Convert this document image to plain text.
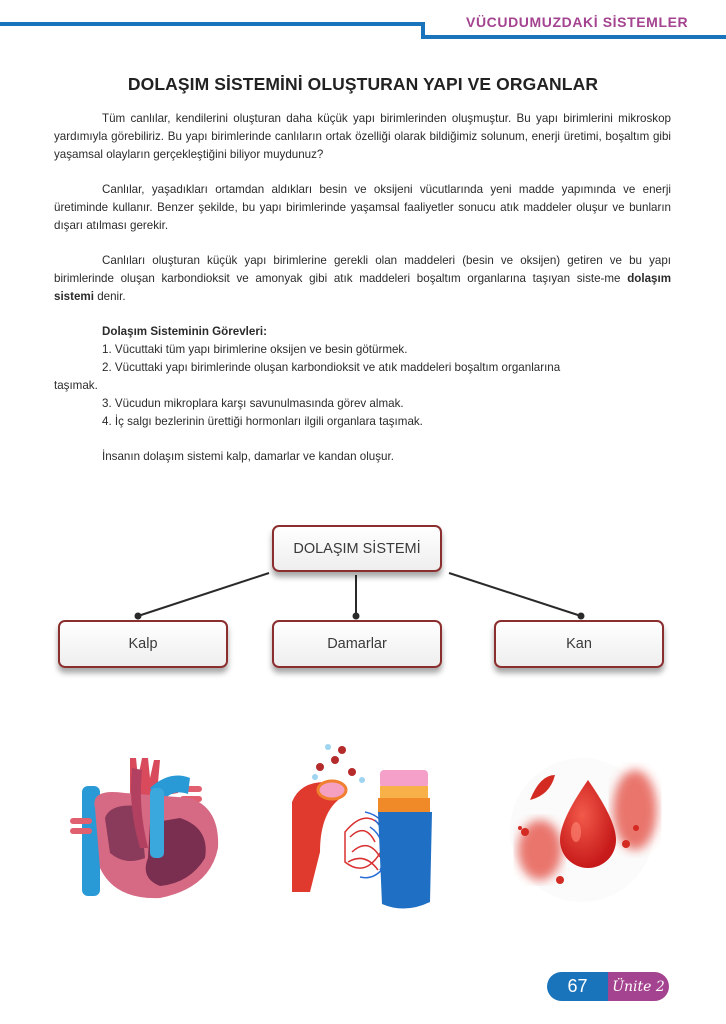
VÜCUDUMUZDAKİ SİSTEMLER
DOLAŞIM SİSTEMİNİ OLUŞTURAN YAPI VE ORGANLAR

Tüm canlılar, kendilerini oluşturan daha küçük yapı birimlerinden oluşmuştur. Bu yapı birimlerini mikroskop yardımıyla görebiliriz. Bu yapı birimlerinde canlıların ortak özelliği olarak bildiğimiz solunum, enerji üretimi, boşaltım gibi yaşamsal olayların gerçekleştiğini biliyor muydunuz?

Canlılar, yaşadıkları ortamdan aldıkları besin ve oksijeni vücutlarında yeni madde yapımında ve enerji üretiminde kullanır. Benzer şekilde, bu yapı birimlerinde yaşamsal faaliyetler sonucu atık maddeler oluşur ve bunların dışarı atılması gerekir.

Canlıları oluşturan küçük yapı birimlerine gerekli olan maddeleri (besin ve oksijen) getiren ve bu yapı birimlerinde oluşan karbondioksit ve amonyak gibi atık maddeleri boşaltım organlarına taşıyan siste-me dolaşım sistemi denir.

Dolaşım Sisteminin Görevleri:
1. Vücuttaki tüm yapı birimlerine oksijen ve besin götürmek.
2. Vücuttaki yapı birimlerinde oluşan karbondioksit ve atık maddeleri boşaltım organlarına
taşımak.
3. Vücudun mikroplara karşı savunulmasında görev almak.
4. İç salgı bezlerinin ürettiği hormonları ilgili organlara taşımak.
İnsanın dolaşım sistemi kalp, damarlar ve kandan oluşur.
DOLAŞIM SİSTEMİ
Kalp	Damarlar	Kan
67	Ünite 2
